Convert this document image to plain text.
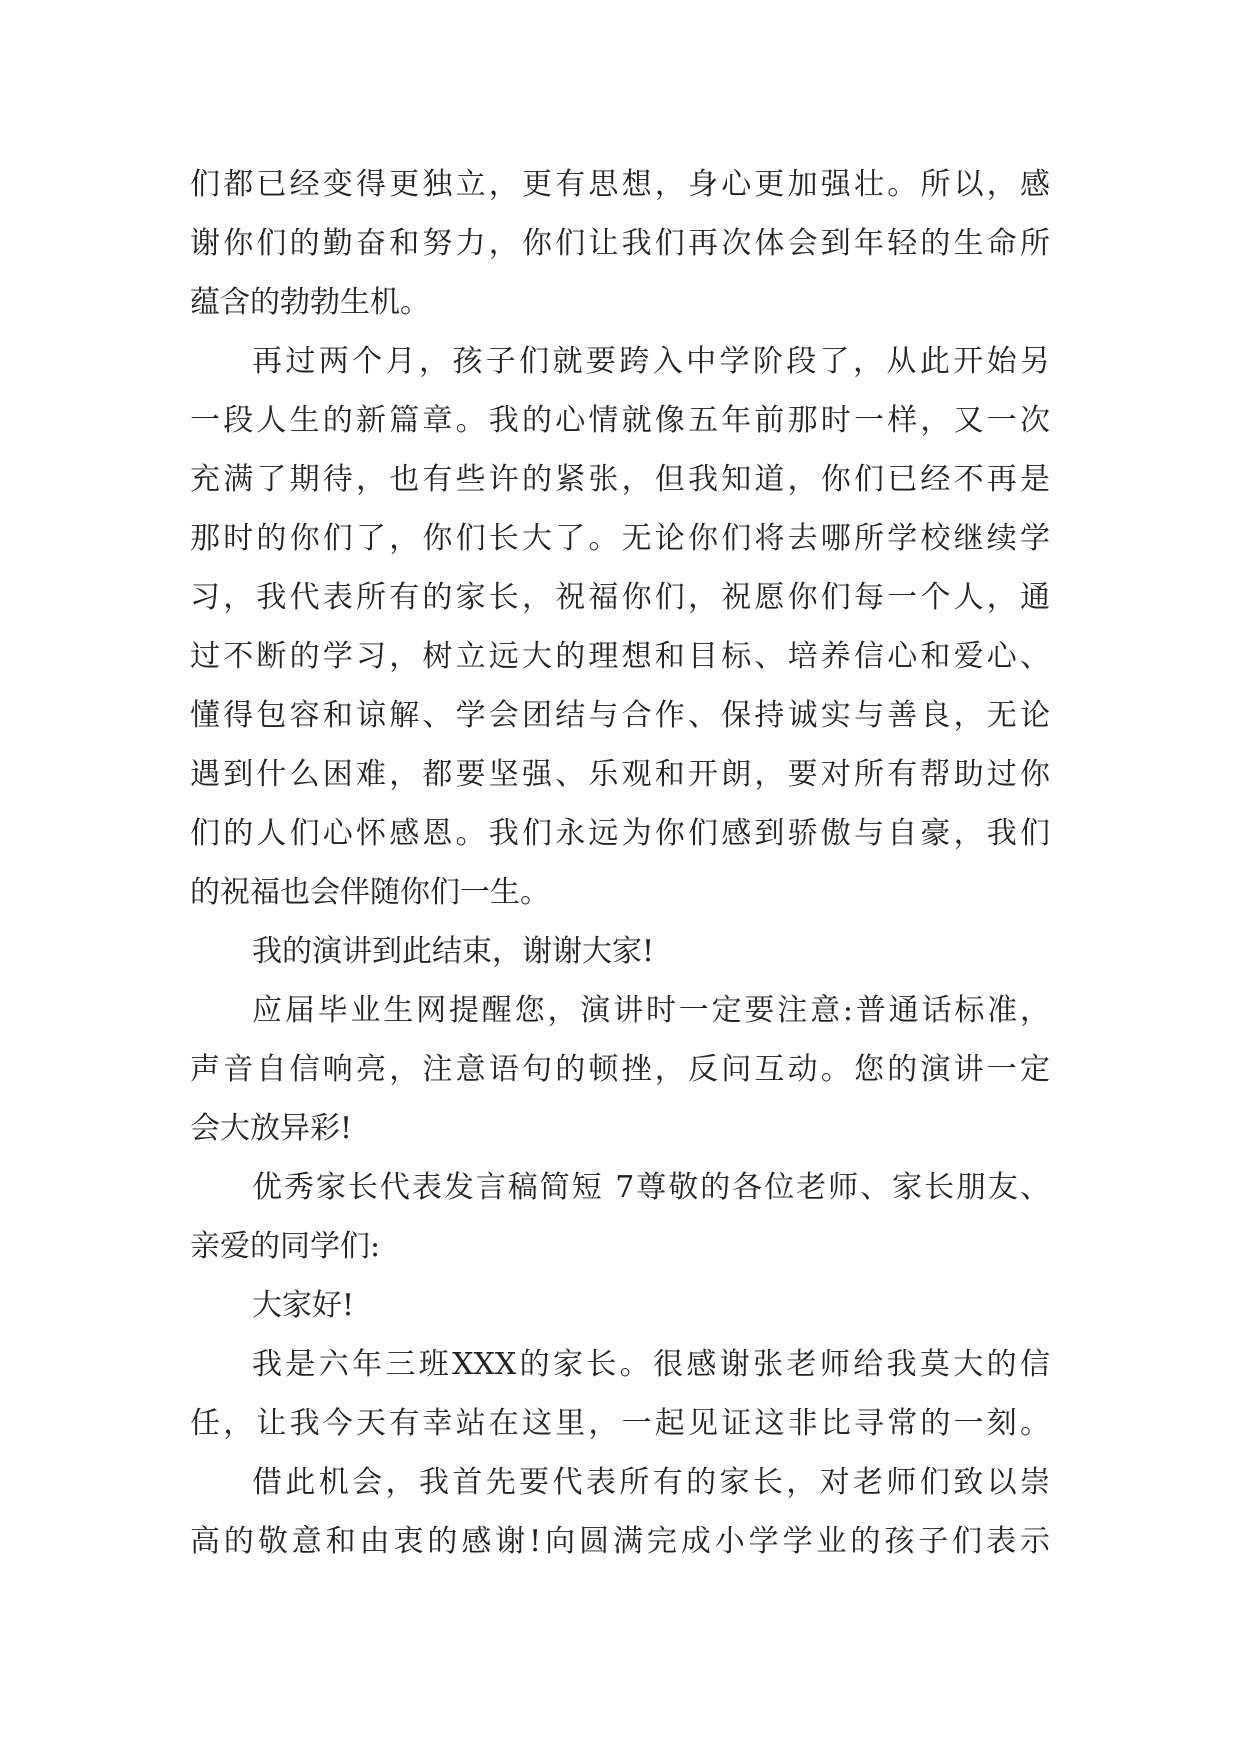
们都已经变得更独立，更有思想，身心更加强壮。所以，感
谢你们的勤奋和努力，你们让我们再次体会到年轻的生命所
蕴含的勃勃生机。
再过两个月，孩子们就要跨入中学阶段了，从此开始另
一段人生的新篇章。我的心情就像五年前那时一样，又一次
充满了期待，也有些许的紧张，但我知道，你们已经不再是
那时的你们了，你们长大了。无论你们将去哪所学校继续学
习，我代表所有的家长，祝福你们，祝愿你们每一个人，通
过不断的学习，树立远大的理想和目标、培养信心和爱心、
懂得包容和谅解、学会团结与合作、保持诚实与善良，无论
遇到什么困难，都要坚强、乐观和开朗，要对所有帮助过你
们的人们心怀感恩。我们永远为你们感到骄傲与自豪，我们
的祝福也会伴随你们一生。
我的演讲到此结束，谢谢大家!
应届毕业生网提醒您，演讲时一定要注意:普通话标准，
声音自信响亮，注意语句的顿挫，反问互动。您的演讲一定
会大放异彩!
优秀家长代表发言稿简短 7尊敬的各位老师、家长朋友、
亲爱的同学们:
大家好!
我是六年三班XXX的家长。很感谢张老师给我莫大的信
任，让我今天有幸站在这里，一起见证这非比寻常的一刻。
借此机会，我首先要代表所有的家长，对老师们致以崇
高的敬意和由衷的感谢!向圆满完成小学学业的孩子们表示
